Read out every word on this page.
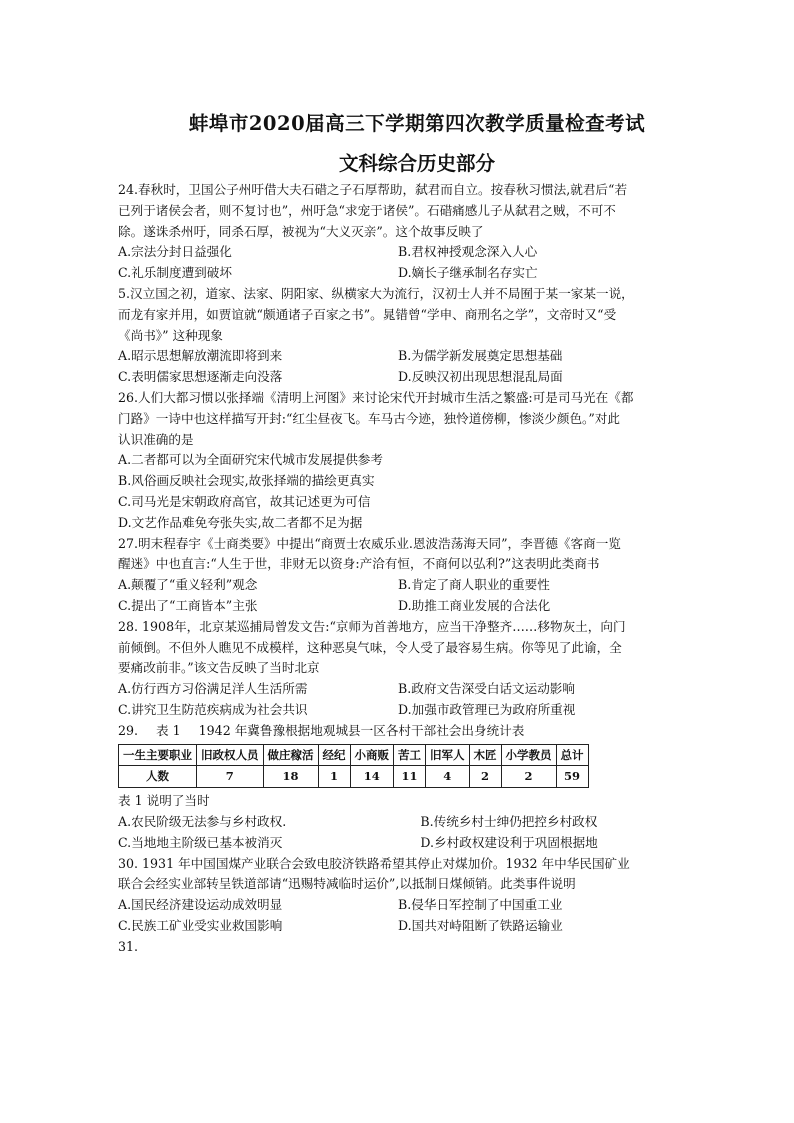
蚌埠市2020届高三下学期第四次教学质量检查考试
文科综合历史部分

24.春秋时，卫国公子州吁借大夫石碏之子石厚帮助，弑君而自立。按春秋习惯法,就君后“若

已列于诸侯会者，则不复讨也”，州吁急“求宠于诸侯”。石碏痛感儿子从弑君之贼，不可不

除。遂诛杀州吁，同杀石厚，被视为“大义灭亲”。这个故事反映了

A.宗法分封日益强化	B.君权神授观念深入人心
C.礼乐制度遭到破坏	D.嫡长子继承制名存实亡

5.汉立国之初，道家、法家、阴阳家、纵横家大为流行，汉初士人并不局囿于某一家某一说，

而龙有家并用，如贾谊就“颇通诸子百家之书”。晁错曾“学申、商刑名之学”，文帝时又“受

《尚书》” 这种现象

A.昭示思想解放潮流即将到来	B.为儒学新发展奠定思想基础
C.表明儒家思想逐渐走向没落	D.反映汉初出现思想混乱局面

26.人们大都习惯以张择端《清明上河图》来讨论宋代开封城市生活之繁盛:可是司马光在《都

门路》一诗中也这样描写开封:“红尘昼夜飞。车马古今迹，独怜道傍柳，惨淡少颜色。”对此

认识准确的是

A.二者都可以为全面研究宋代城市发展提供参考

B.风俗画反映社会现实,故张择端的描绘更真实

C.司马光是宋朝政府高官，故其记述更为可信

D.文艺作品难免夸张失实,故二者都不足为据

27.明末程春宇《士商类要》中提出“商贾士农威乐业.恩波浩荡海天同”，李晋德《客商一览

醒迷》中也直言:“人生于世，非财无以资身:产洽有恒，不商何以弘利?”这表明此类商书

A.颠覆了“重义轻利”观念	B.肯定了商人职业的重要性
C.提出了“工商皆本”主张	D.助推工商业发展的合法化

28. 1908年，北京某巡捕局曾发文告:“京师为首善地方，应当干净整齐……移物灰土，向门

前倾倒。不但外人瞧见不成模样，这种恶臭气味，令人受了最容易生病。你等见了此谕，全

要痛改前非。”该文告反映了当时北京

A.仿行西方习俗满足洋人生活所需	B.政府文告深受白话文运动影响
C.讲究卫生防范疾病成为社会共识	D.加强市政管理已为政府所重视
29. 表 1 1942 年冀鲁豫根据地观城县一区各村干部社会出身统计表
一生主要职业	旧政权人员	做庄稼活	经纪	小商贩	苦工	旧军人	木匠	小学教员	总计
人数	7	18	1	14	11	4	2	2	59

表 1 说明了当时

A.农民阶级无法参与乡村政权.	B.传统乡村士绅仍把控乡村政权
C.当地地主阶级已基本被消灭	D.乡村政权建设利于巩固根据地

30. 1931 年中国国煤产业联合会致电胶济铁路希望其停止对煤加价。1932 年中华民国矿业

联合会经实业部转呈铁道部请“迅赐特减临时运价”,以抵制日煤倾销。此类事件说明

A.国民经济建设运动成效明显	B.侵华日军控制了中国重工业
C.民族工矿业受实业救国影响	D.国共对峙阻断了铁路运输业

31.
